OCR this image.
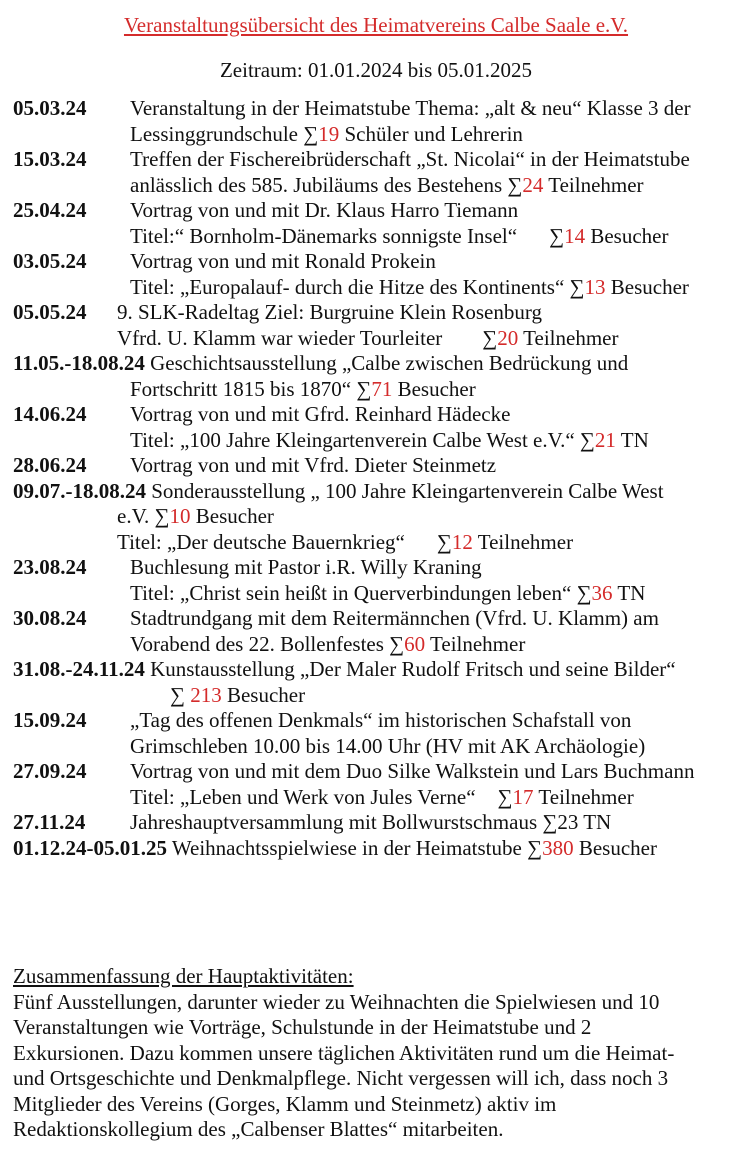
Veranstaltungsübersicht des Heimatvereins Calbe Saale e.V.
Zeitraum: 01.01.2024 bis 05.01.2025
05.03.24 Veranstaltung in der Heimatstube Thema: „alt & neu“ Klasse 3 der
Lessinggrundschule ∑19 Schüler und Lehrerin
15.03.24 Treffen der Fischereibrüderschaft „St. Nicolai“ in der Heimatstube
anlässlich des 585. Jubiläums des Bestehens ∑24 Teilnehmer
25.04.24 Vortrag von und mit Dr. Klaus Harro Tiemann
Titel:“ Bornholm-Dänemarks sonnigste Insel“ ∑14 Besucher
03.05.24 Vortrag von und mit Ronald Prokein
Titel: „Europalauf- durch die Hitze des Kontinents“ ∑13 Besucher
05.05.24 9. SLK-Radeltag Ziel: Burgruine Klein Rosenburg
Vfrd. U. Klamm war wieder Tourleiter ∑20 Teilnehmer
11.05.-18.08.24 Geschichtsausstellung „Calbe zwischen Bedrückung und
Fortschritt 1815 bis 1870“ ∑71 Besucher
14.06.24 Vortrag von und mit Gfrd. Reinhard Hädecke
Titel: „100 Jahre Kleingartenverein Calbe West e.V.“ ∑21 TN
28.06.24 Vortrag von und mit Vfrd. Dieter Steinmetz
09.07.-18.08.24 Sonderausstellung „ 100 Jahre Kleingartenverein Calbe West
e.V. ∑10 Besucher
Titel: „Der deutsche Bauernkrieg“ ∑12 Teilnehmer
23.08.24 Buchlesung mit Pastor i.R. Willy Kraning
Titel: „Christ sein heißt in Querverbindungen leben“ ∑36 TN
30.08.24 Stadtrundgang mit dem Reitermännchen (Vfrd. U. Klamm) am
Vorabend des 22. Bollenfestes ∑60 Teilnehmer
31.08.-24.11.24 Kunstausstellung „Der Maler Rudolf Fritsch und seine Bilder“
∑ 213 Besucher
15.09.24 „Tag des offenen Denkmals“ im historischen Schafstall von
Grimschleben 10.00 bis 14.00 Uhr (HV mit AK Archäologie)
27.09.24 Vortrag von und mit dem Duo Silke Walkstein und Lars Buchmann
Titel: „Leben und Werk von Jules Verne“ ∑17 Teilnehmer
27.11.24 Jahreshauptversammlung mit Bollwurstschmaus ∑23 TN
01.12.24-05.01.25 Weihnachtsspielwiese in der Heimatstube ∑380 Besucher
Zusammenfassung der Hauptaktivitäten:
Fünf Ausstellungen, darunter wieder zu Weihnachten die Spielwiesen und 10
Veranstaltungen wie Vorträge, Schulstunde in der Heimatstube und 2
Exkursionen. Dazu kommen unsere täglichen Aktivitäten rund um die Heimat-
und Ortsgeschichte und Denkmalpflege. Nicht vergessen will ich, dass noch 3
Mitglieder des Vereins (Gorges, Klamm und Steinmetz) aktiv im
Redaktionskollegium des „Calbenser Blattes“ mitarbeiten.
